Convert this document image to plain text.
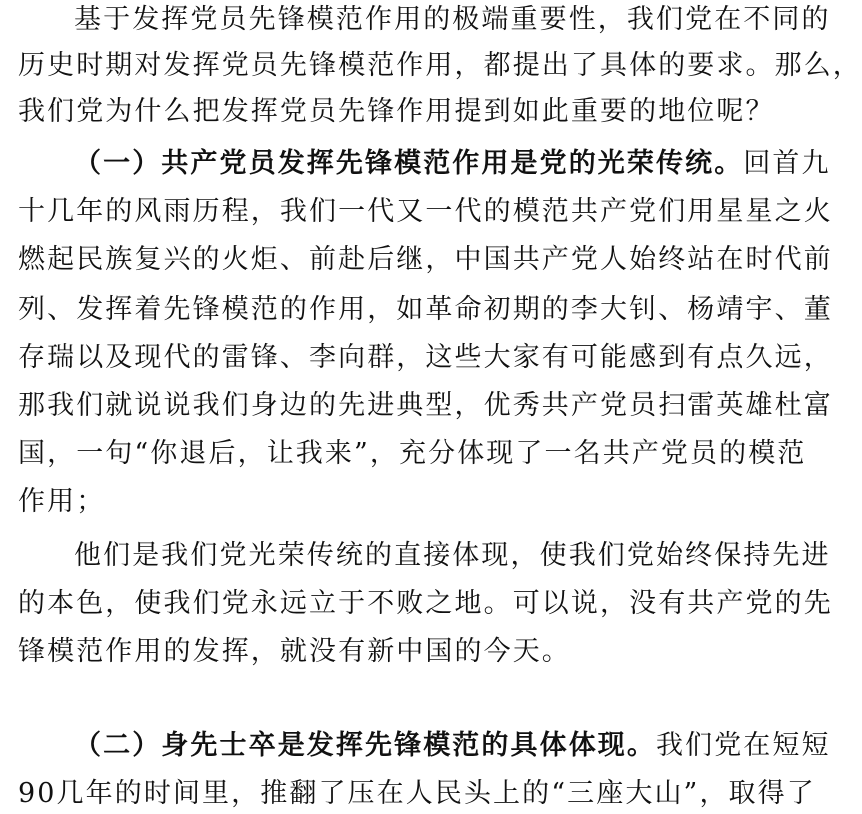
基于发挥党员先锋模范作用的极端重要性，我们党在不同的
历史时期对发挥党员先锋模范作用，都提出了具体的要求。那么，
我们党为什么把发挥党员先锋作用提到如此重要的地位呢？
（一）共产党员发挥先锋模范作用是党的光荣传统。回首九
十几年的风雨历程，我们一代又一代的模范共产党们用星星之火
燃起民族复兴的火炬、前赴后继，中国共产党人始终站在时代前
列、发挥着先锋模范的作用，如革命初期的李大钊、杨靖宇、董
存瑞以及现代的雷锋、李向群，这些大家有可能感到有点久远，
那我们就说说我们身边的先进典型，优秀共产党员扫雷英雄杜富
国，一句“你退后，让我来”，充分体现了一名共产党员的模范
作用；
他们是我们党光荣传统的直接体现，使我们党始终保持先进
的本色，使我们党永远立于不败之地。可以说，没有共产党的先
锋模范作用的发挥，就没有新中国的今天。
（二）身先士卒是发挥先锋模范的具体体现。我们党在短短
90几年的时间里，推翻了压在人民头上的“三座大山”，取得了
